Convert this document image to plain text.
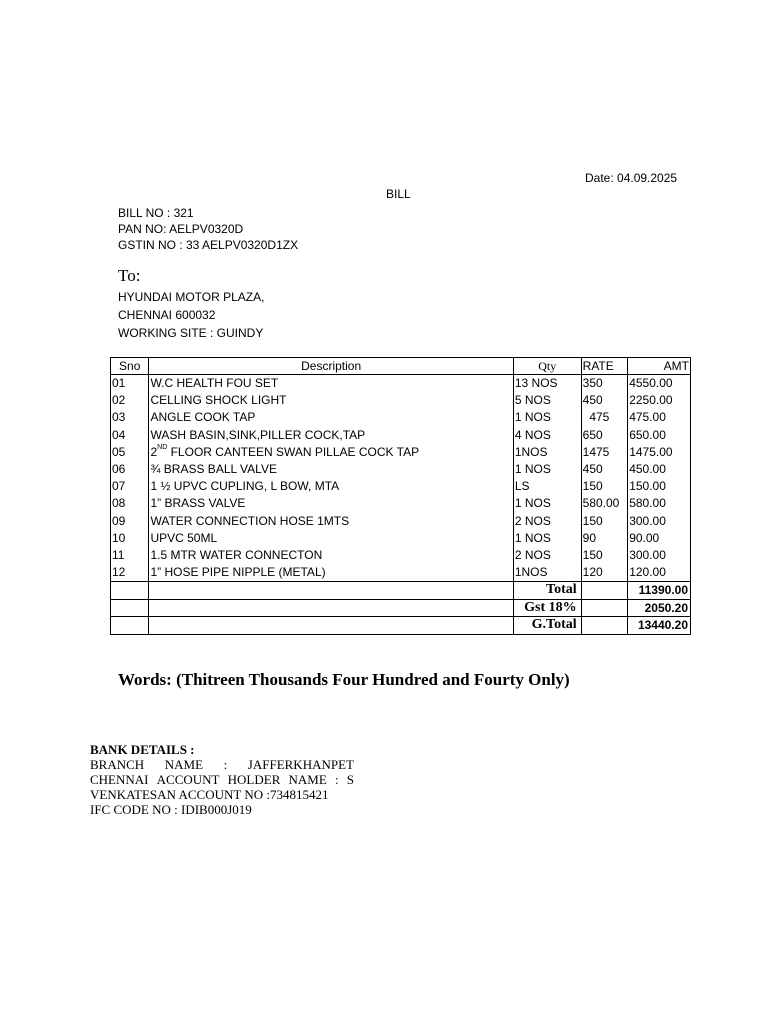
Date: 04.09.2025
BILL
BILL NO : 321
PAN NO: AELPV0320D
GSTIN NO : 33 AELPV0320D1ZX
To:
HYUNDAI MOTOR PLAZA,
CHENNAI 600032
WORKING SITE : GUINDY
Sno	Description	Qty	RATE	AMT
01	W.C HEALTH FOU SET	13 NOS	350	4550.00
02	CELLING SHOCK LIGHT	5 NOS	450	2250.00
03	ANGLE COOK TAP	1 NOS	475	475.00
04	WASH BASIN,SINK,PILLER COCK,TAP	4 NOS	650	650.00
05	2ND FLOOR CANTEEN SWAN PILLAE COCK TAP	1NOS	1475	1475.00
06	¾ BRASS BALL VALVE	1 NOS	450	450.00
07	1 ½ UPVC CUPLING, L BOW, MTA	LS	150	150.00
08	1” BRASS VALVE	1 NOS	580.00	580.00
09	WATER CONNECTION HOSE 1MTS	2 NOS	150	300.00
10	UPVC 50ML	1 NOS	90	90.00
11	1.5 MTR WATER CONNECTON	2 NOS	150	300.00
12	1” HOSE PIPE NIPPLE (METAL)	1NOS	120	120.00
		Total		11390.00
		Gst 18%		2050.20
		G.Total		13440.20
Words: (Thitreen Thousands Four Hundred and Fourty Only)
BANK DETAILS :
BRANCH NAME : JAFFERKHANPET
CHENNAI ACCOUNT HOLDER NAME : S
VENKATESAN ACCOUNT NO :734815421
IFC CODE NO : IDIB000J019
